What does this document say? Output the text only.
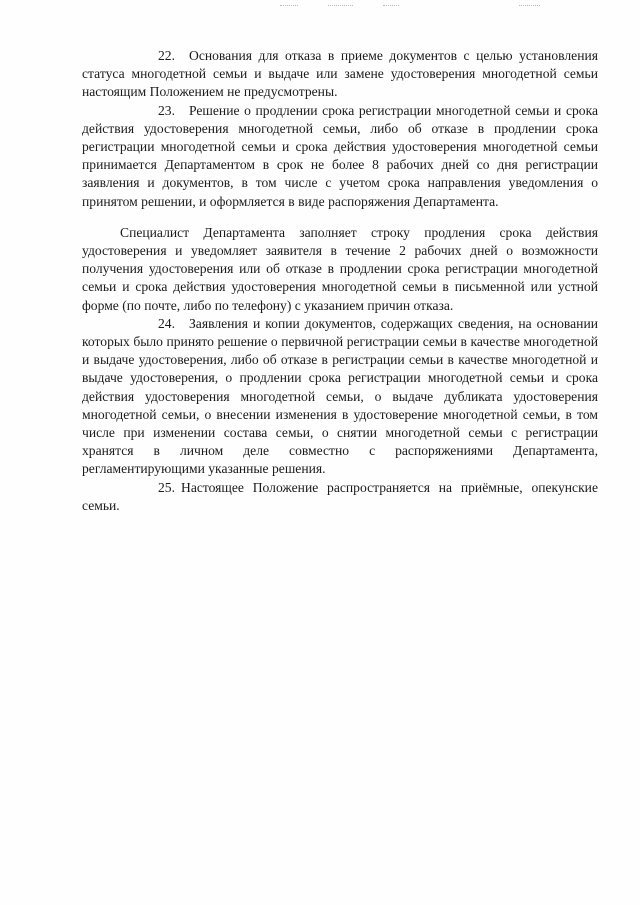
22. Основания для отказа в приеме документов с целью установления статуса многодетной семьи и выдаче или замене удостоверения многодетной семьи настоящим Положением не предусмотрены.

23. Решение о продлении срока регистрации многодетной семьи и срока действия удостоверения многодетной семьи, либо об отказе в продлении срока регистрации многодетной семьи и срока действия удостоверения многодетной семьи принимается Департаментом в срок не более 8 рабочих дней со дня регистрации заявления и документов, в том числе с учетом срока направления уведомления о принятом решении, и оформляется в виде распоряжения Департамента.

Специалист Департамента заполняет строку продления срока действия удостоверения и уведомляет заявителя в течение 2 рабочих дней о возможности получения удостоверения или об отказе в продлении срока регистрации многодетной семьи и срока действия удостоверения многодетной семьи в письменной или устной форме (по почте, либо по телефону) с указанием причин отказа.

24. Заявления и копии документов, содержащих сведения, на основании которых было принято решение о первичной регистрации семьи в качестве многодетной и выдаче удостоверения, либо об отказе в регистрации семьи в качестве многодетной и выдаче удостоверения, о продлении срока регистрации многодетной семьи и срока действия удостоверения многодетной семьи, о выдаче дубликата удостоверения многодетной семьи, о внесении изменения в удостоверение многодетной семьи, в том числе при изменении состава семьи, о снятии многодетной семьи с регистрации хранятся в личном деле совместно с распоряжениями Департамента, регламентирующими указанные решения.

25. Настоящее Положение распространяется на приёмные, опекунские семьи.
